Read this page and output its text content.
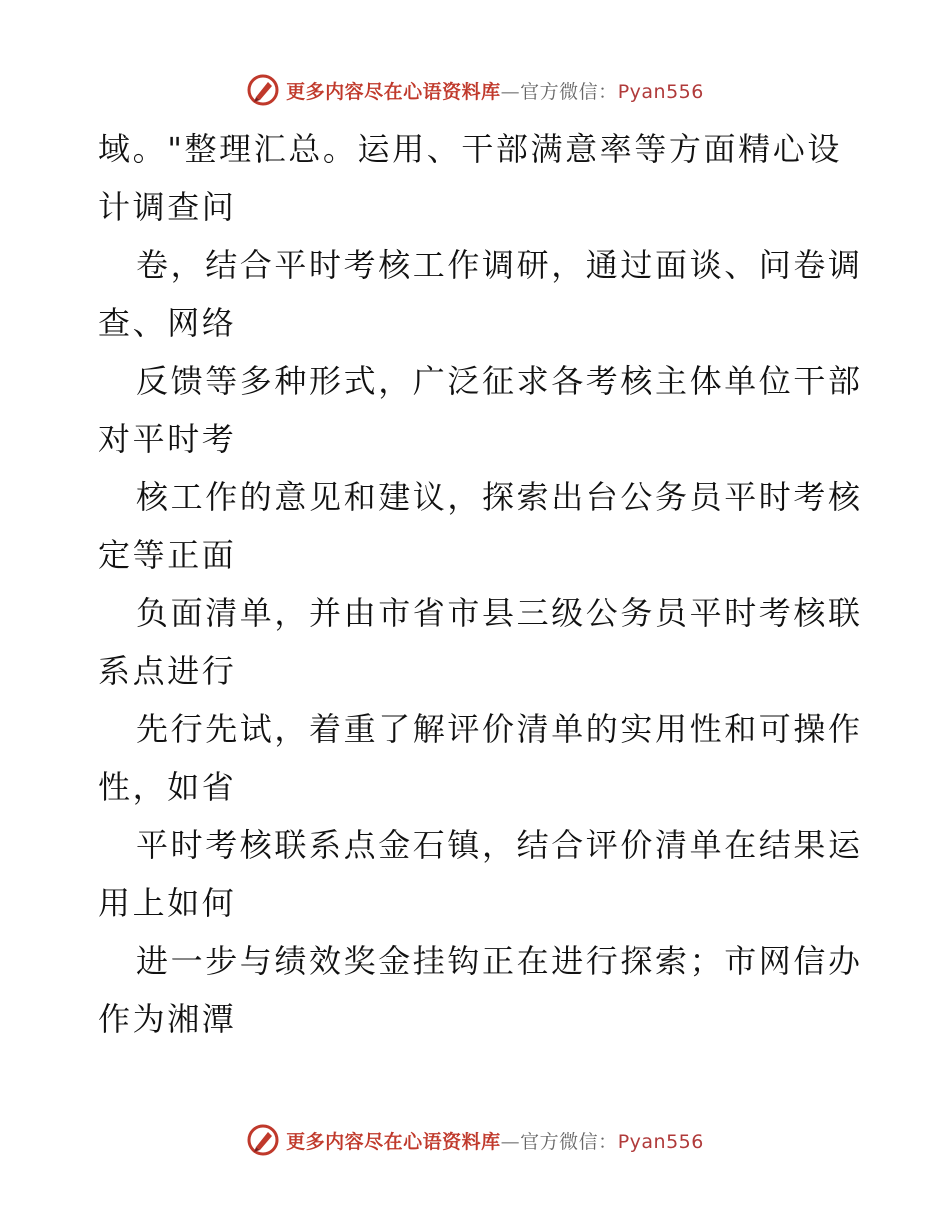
更多内容尽在心语资料库—官方微信：Pyan556
域。"整理汇总。运用、干部满意率等方面精心设
计调查问
卷，结合平时考核工作调研，通过面谈、问卷调
查、网络
反馈等多种形式，广泛征求各考核主体单位干部
对平时考
核工作的意见和建议，探索出台公务员平时考核
定等正面
负面清单，并由市省市县三级公务员平时考核联
系点进行
先行先试，着重了解评价清单的实用性和可操作
性，如省
平时考核联系点金石镇，结合评价清单在结果运
用上如何
进一步与绩效奖金挂钩正在进行探索；市网信办
作为湘潭
更多内容尽在心语资料库—官方微信：Pyan556
